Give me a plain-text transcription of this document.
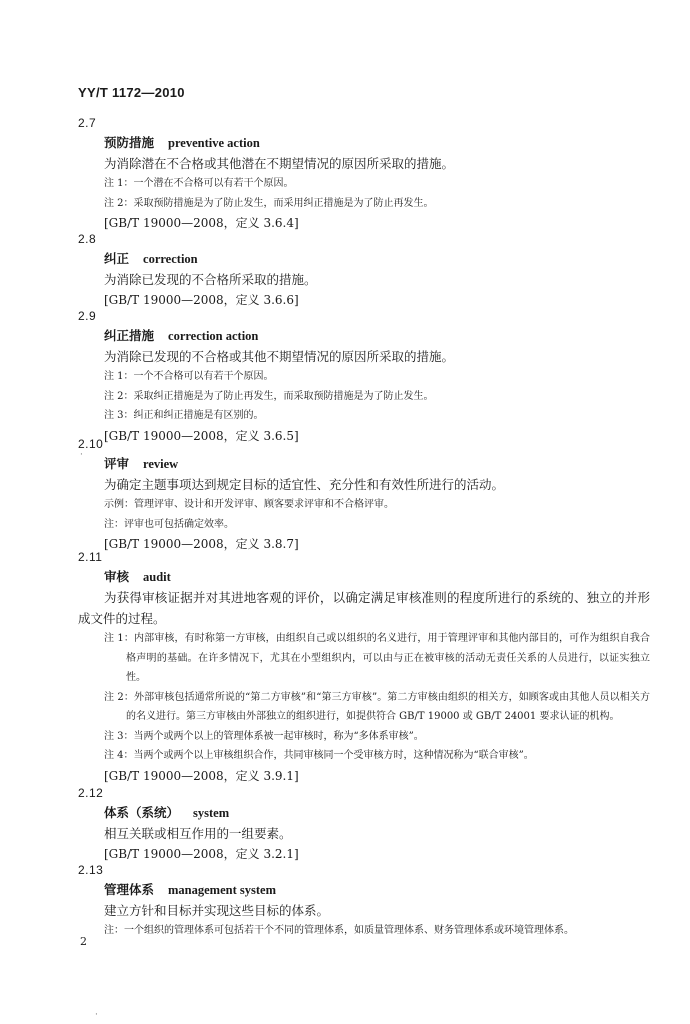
YY/T 1172—2010
2.7
预防措施 preventive action
为消除潜在不合格或其他潜在不期望情况的原因所采取的措施。
注 1：一个潜在不合格可以有若干个原因。
注 2：采取预防措施是为了防止发生，而采用纠正措施是为了防止再发生。
[GB/T 19000—2008，定义 3.6.4]
2.8
纠正 correction
为消除已发现的不合格所采取的措施。
[GB/T 19000—2008，定义 3.6.6]
2.9
纠正措施 correction action
为消除已发现的不合格或其他不期望情况的原因所采取的措施。
注 1：一个不合格可以有若干个原因。
注 2：采取纠正措施是为了防止再发生，而采取预防措施是为了防止发生。
注 3：纠正和纠正措施是有区别的。
[GB/T 19000—2008，定义 3.6.5]
2.10
评审 review
为确定主题事项达到规定目标的适宜性、充分性和有效性所进行的活动。
示例：管理评审、设计和开发评审、顾客要求评审和不合格评审。
注：评审也可包括确定效率。
[GB/T 19000—2008，定义 3.8.7]
2.11
审核 audit
为获得审核证据并对其进地客观的评价，以确定满足审核准则的程度所进行的系统的、独立的并形成文件的过程。
注 1：内部审核，有时称第一方审核，由组织自己或以组织的名义进行，用于管理评审和其他内部目的，可作为组织自我合格声明的基础。在许多情况下，尤其在小型组织内，可以由与正在被审核的活动无责任关系的人员进行，以证实独立性。
注 2：外部审核包括通常所说的“第二方审核”和“第三方审核”。第二方审核由组织的相关方，如顾客或由其他人员以相关方的名义进行。第三方审核由外部独立的组织进行，如提供符合 GB/T 19000 或 GB/T 24001 要求认证的机构。
注 3：当两个或两个以上的管理体系被一起审核时，称为“多体系审核”。
注 4：当两个或两个以上审核组织合作，共同审核同一个受审核方时，这种情况称为“联合审核”。
[GB/T 19000—2008，定义 3.9.1]
2.12
体系（系统） system
相互关联或相互作用的一组要素。
[GB/T 19000—2008，定义 3.2.1]
2.13
管理体系 management system
建立方针和目标并实现这些目标的体系。
注：一个组织的管理体系可包括若干个不同的管理体系，如质量管理体系、财务管理体系或环境管理体系。
2
·
·
